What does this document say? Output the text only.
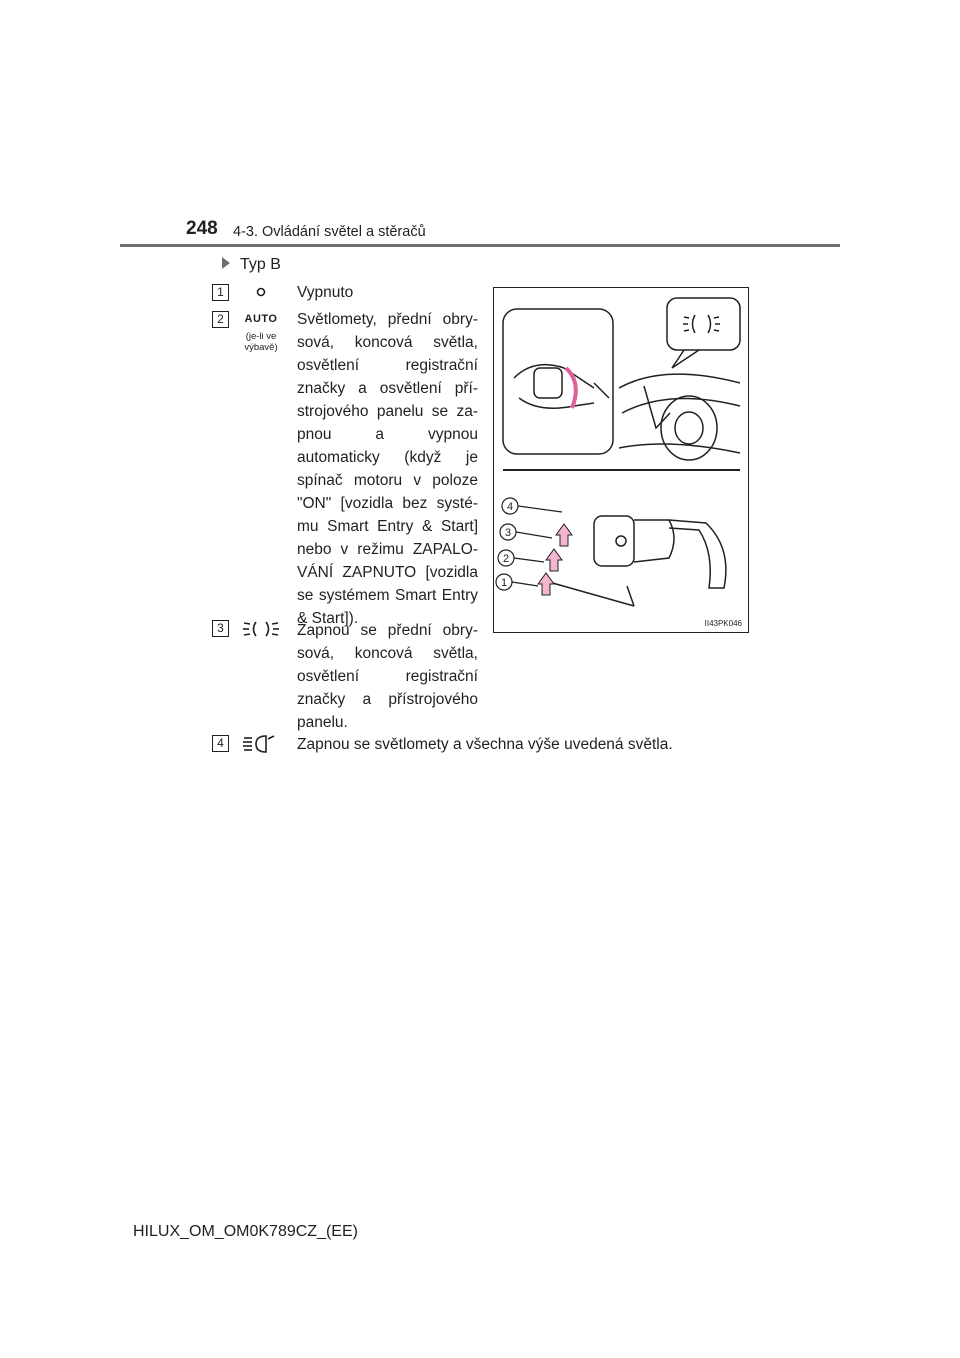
248 4-3. Ovládání světel a stěračů
Typ B
1	Vypnuto
2	AUTO
(je-li ve výbavě)
Světlomety, přední obrysová, koncová světla, osvětlení registrační značky a osvětlení přístrojového panelu se zapnou a vypnou automaticky (když je spínač motoru v poloze "ON" [vozidla bez systému Smart Entry & Start] nebo v režimu ZAPALOVÁNÍ ZAPNUTO [vozidla se systémem Smart Entry & Start]).
3	Zapnou se přední obrysová, koncová světla, osvětlení registrační značky a přístrojového panelu.
4	Zapnou se světlomety a všechna výše uvedená světla.
4
3
2
1
II43PK046
HILUX_OM_OM0K789CZ_(EE)
